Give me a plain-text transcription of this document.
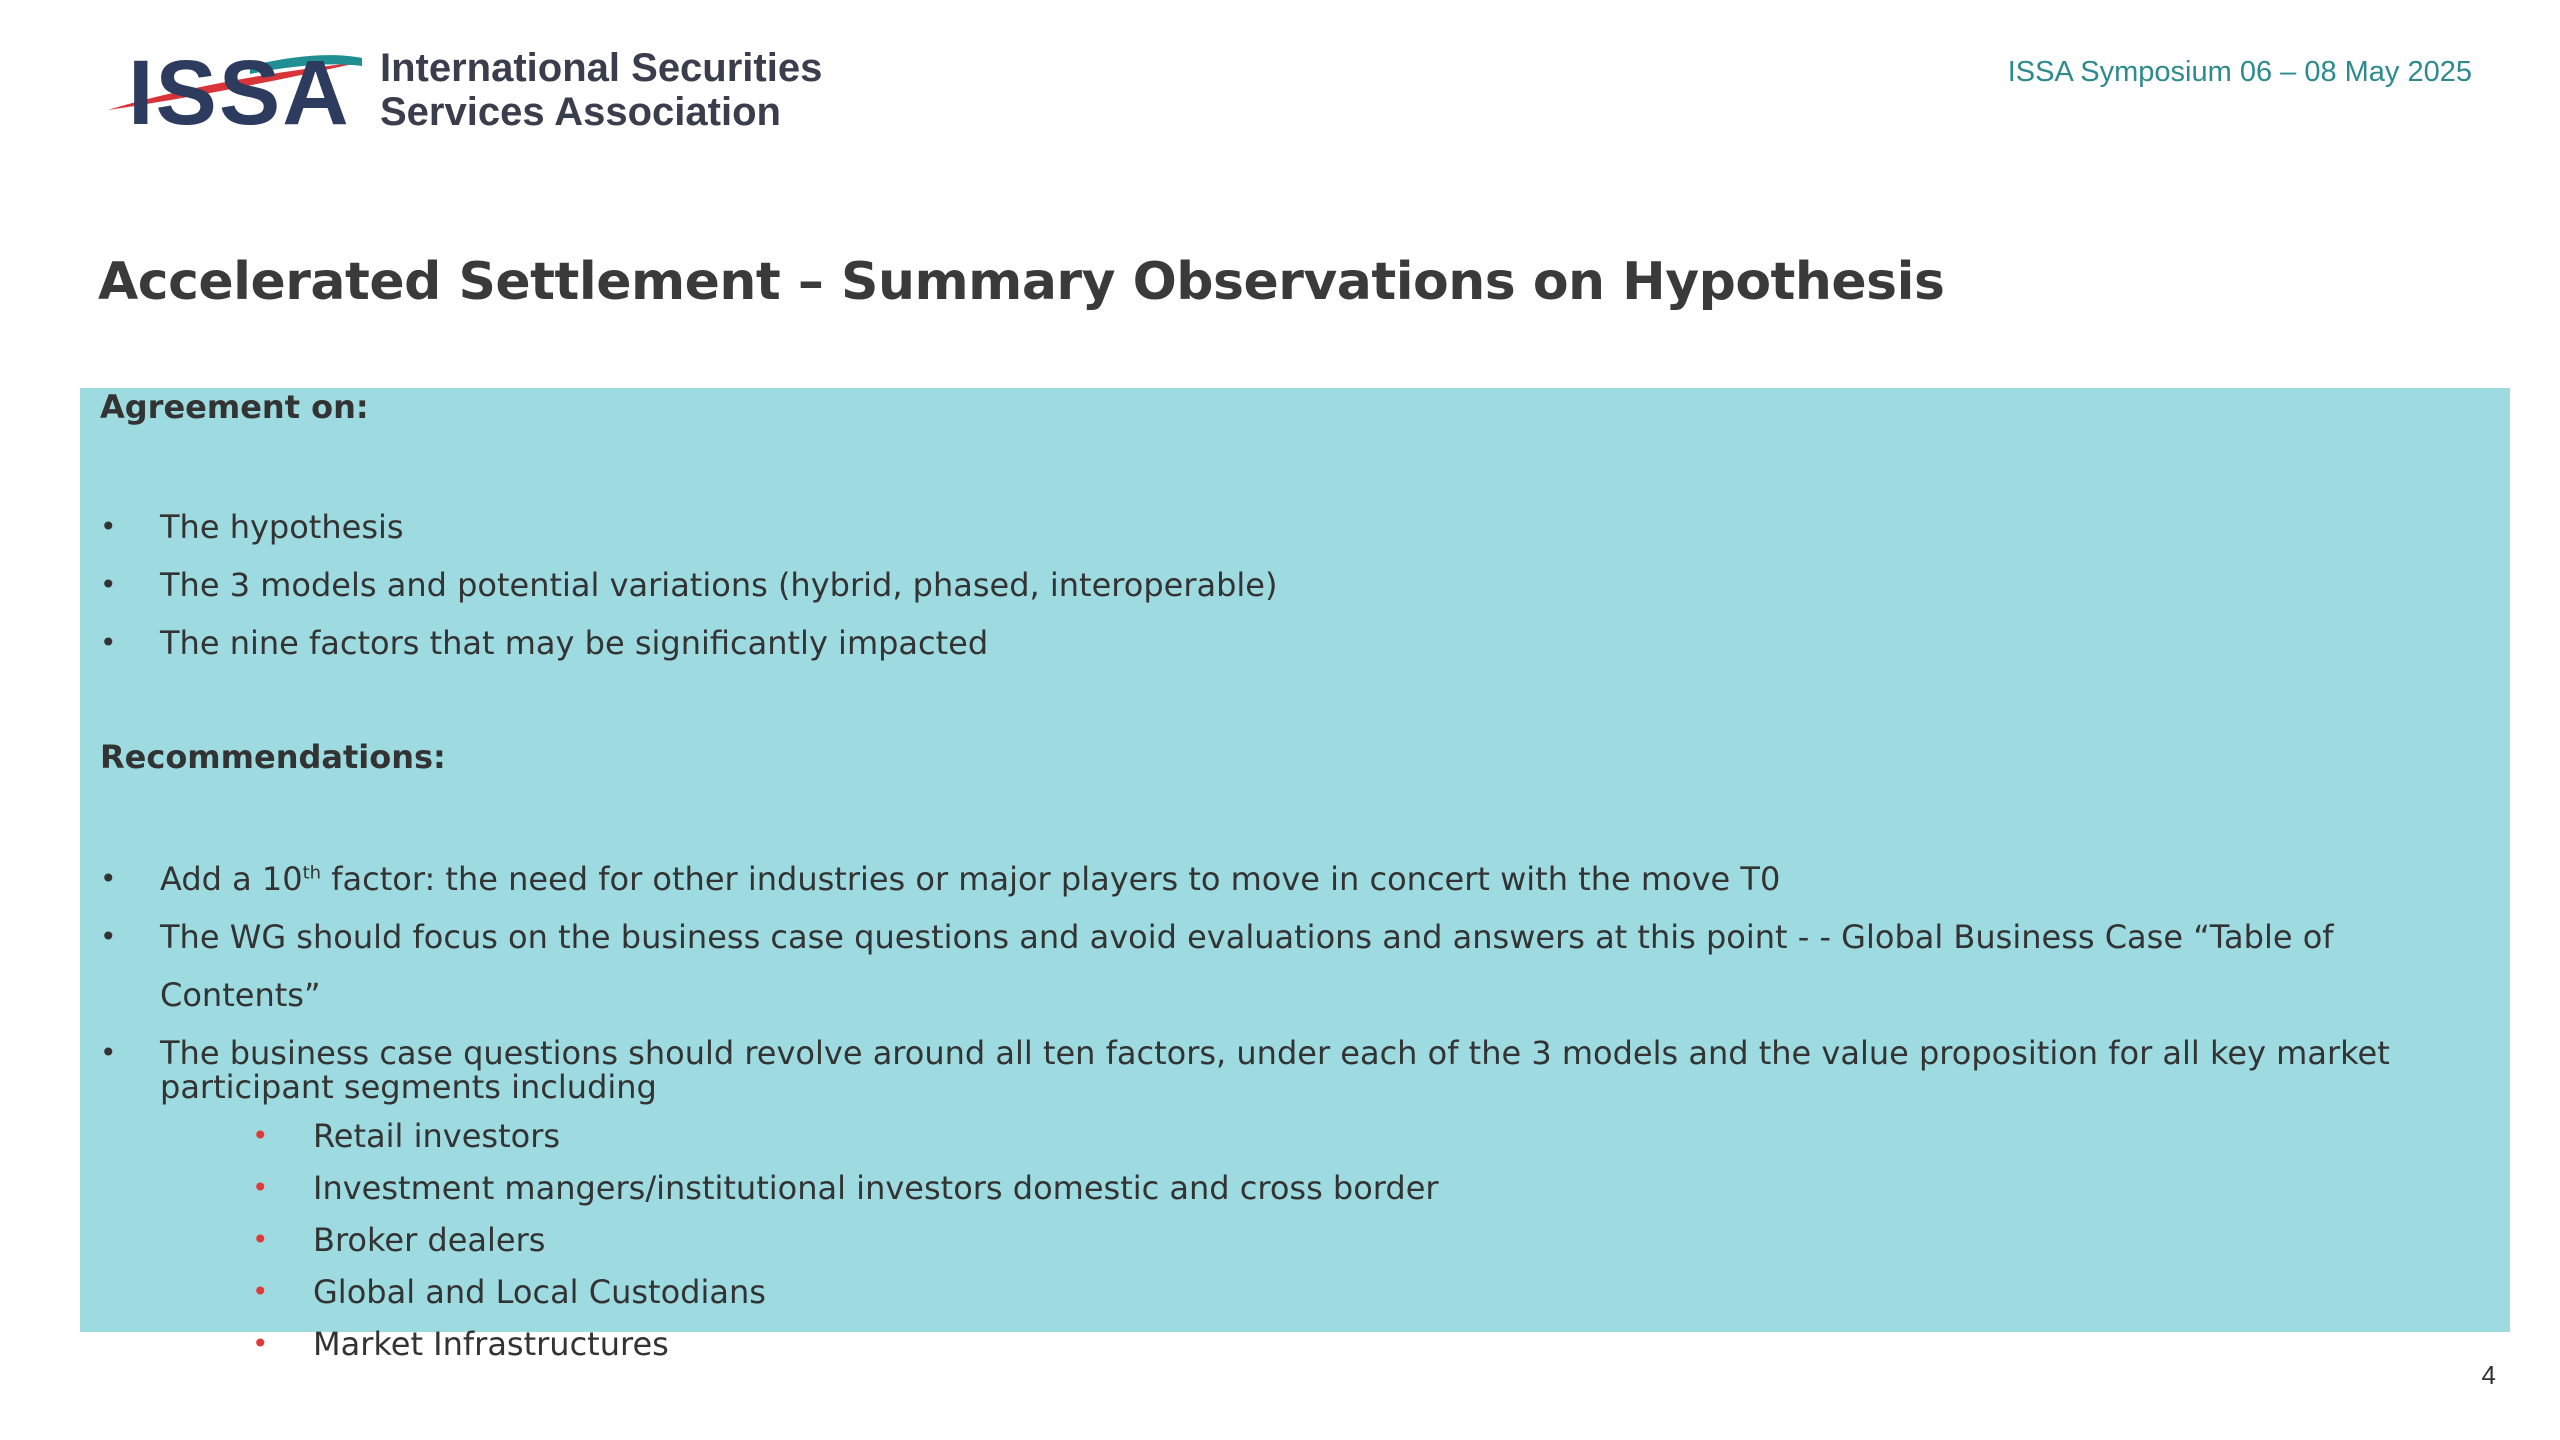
ISSA International Securities
Services Association
ISSA Symposium 06 – 08 May 2025
Accelerated Settlement – Summary Observations on Hypothesis
Agreement on:
• The hypothesis
• The 3 models and potential variations (hybrid, phased, interoperable)
• The nine factors that may be significantly impacted
Recommendations:
• Add a 10th factor: the need for other industries or major players to move in concert with the move T0
• The WG should focus on the business case questions and avoid evaluations and answers at this point - - Global Business Case “Table of Contents”
• The business case questions should revolve around all ten factors, under each of the 3 models and the value proposition for all key market participant segments including
• Retail investors
• Investment mangers/institutional investors domestic and cross border
• Broker dealers
• Global and Local Custodians
• Market Infrastructures
4
